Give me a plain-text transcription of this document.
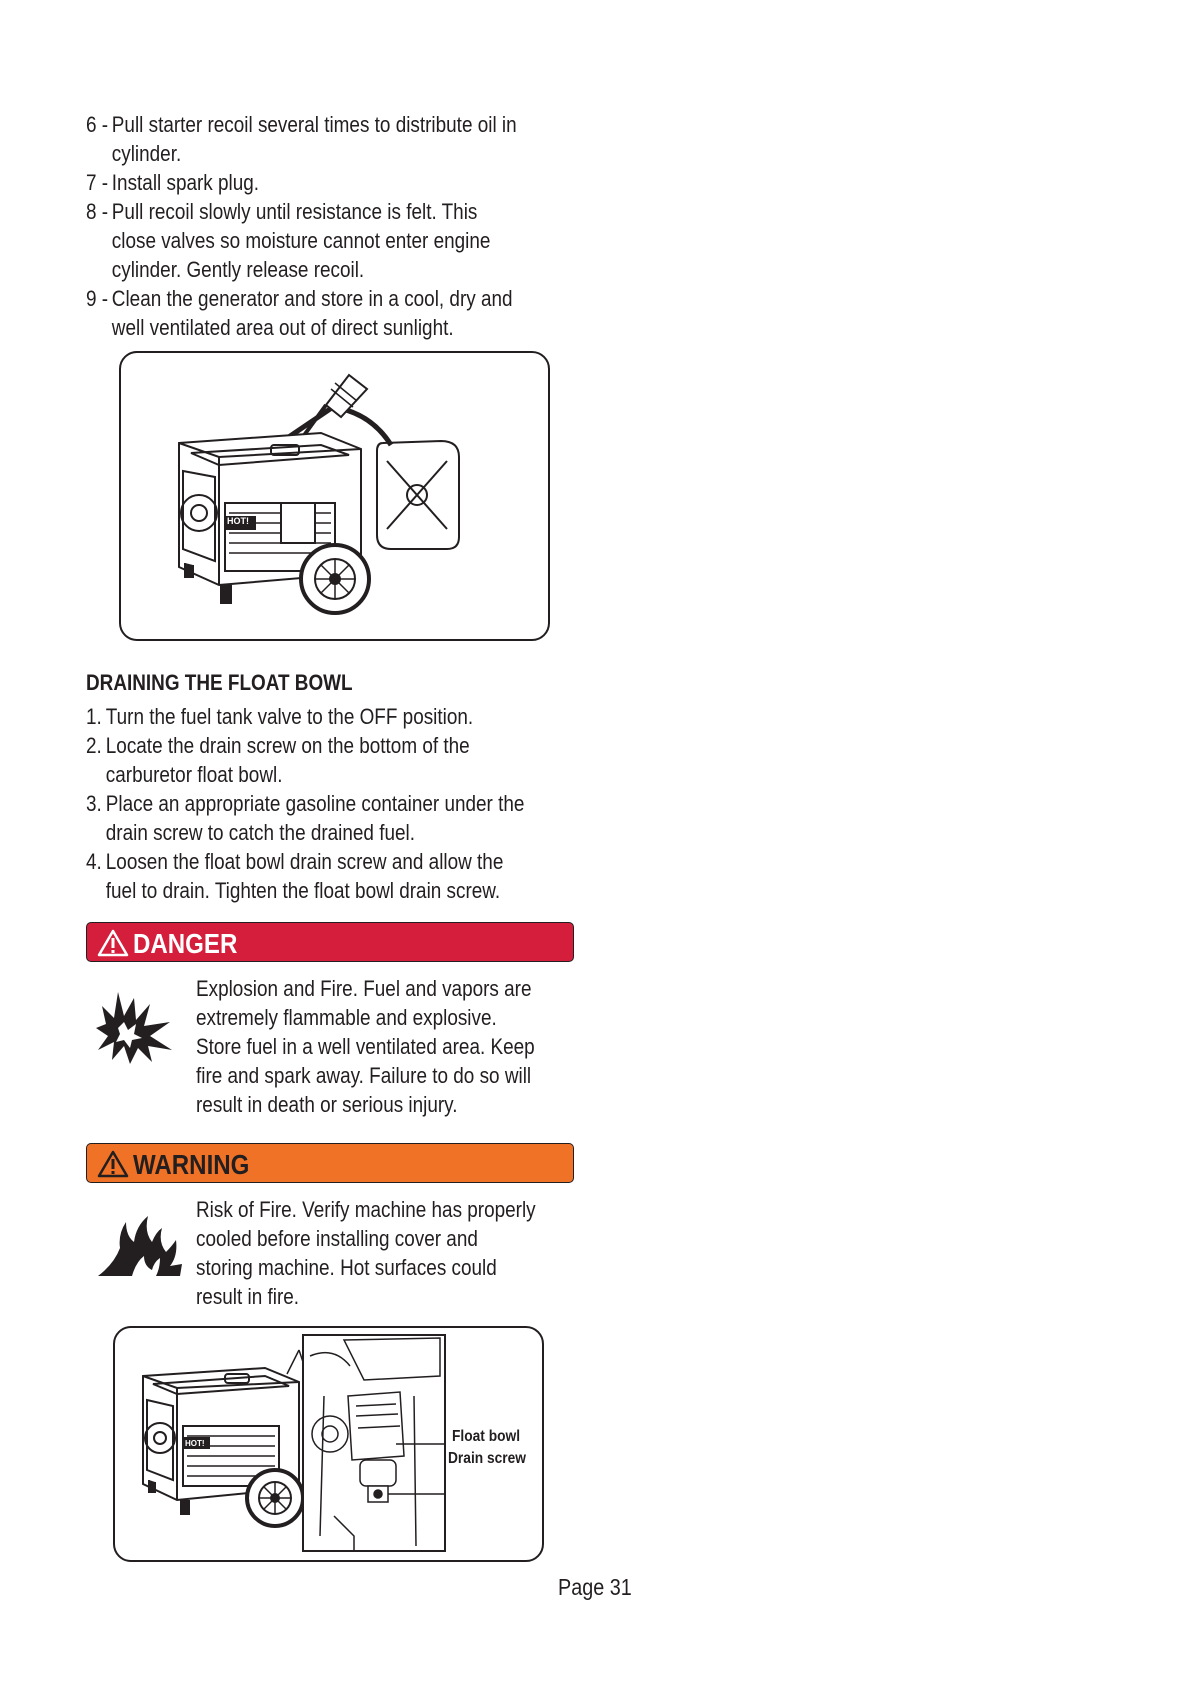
6 - Pull starter recoil several times to distribute oil in
cylinder.
7 - Install spark plug.
8 - Pull recoil slowly until resistance is felt. This
close valves so moisture cannot enter engine
cylinder. Gently release recoil.
9 - Clean the generator and store in a cool, dry and
well ventilated area out of direct sunlight.
HOT!
DRAINING THE FLOAT BOWL
1. Turn the fuel tank valve to the OFF position.
2. Locate the drain screw on the bottom of the
carburetor float bowl.
3. Place an appropriate gasoline container under the
drain screw to catch the drained fuel.
4. Loosen the float bowl drain screw and allow the
fuel to drain. Tighten the float bowl drain screw.
DANGER
Explosion and Fire. Fuel and vapors are
extremely flammable and explosive.
Store fuel in a well ventilated area. Keep
fire and spark away. Failure to do so will
result in death or serious injury.
WARNING
Risk of Fire. Verify machine has properly
cooled before installing cover and
storing machine. Hot surfaces could
result in fire.
HOT!	Float bowl
Drain screw
Page 31
